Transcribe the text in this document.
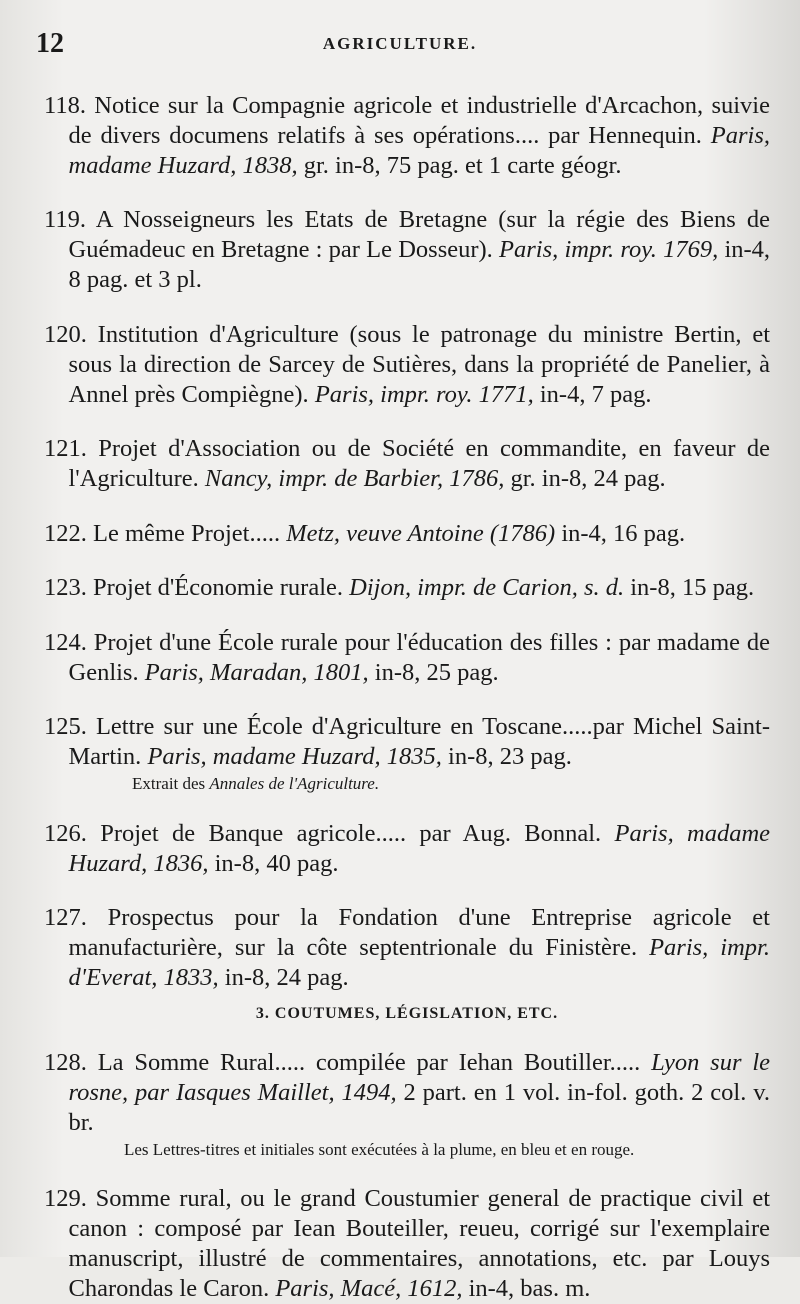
12	AGRICULTURE.

118. Notice sur la Compagnie agricole et industrielle d'Arcachon, suivie de divers documens relatifs à ses opérations.... par Hennequin. Paris, madame Huzard, 1838, gr. in-8, 75 pag. et 1 carte géogr.

119. A Nosseigneurs les Etats de Bretagne (sur la régie des Biens de Guémadeuc en Bretagne : par Le Dosseur). Paris, impr. roy. 1769, in-4, 8 pag. et 3 pl.

120. Institution d'Agriculture (sous le patronage du ministre Bertin, et sous la direction de Sarcey de Sutières, dans la propriété de Panelier, à Annel près Compiègne). Paris, impr. roy. 1771, in-4, 7 pag.

121. Projet d'Association ou de Société en commandite, en faveur de l'Agriculture. Nancy, impr. de Barbier, 1786, gr. in-8, 24 pag.

122. Le même Projet..... Metz, veuve Antoine (1786) in-4, 16 pag.

123. Projet d'Économie rurale. Dijon, impr. de Carion, s. d. in-8, 15 pag.

124. Projet d'une École rurale pour l'éducation des filles : par madame de Genlis. Paris, Maradan, 1801, in-8, 25 pag.

125. Lettre sur une École d'Agriculture en Toscane.....par Michel Saint-Martin. Paris, madame Huzard, 1835, in-8, 23 pag.

Extrait des Annales de l'Agriculture.

126. Projet de Banque agricole..... par Aug. Bonnal. Paris, madame Huzard, 1836, in-8, 40 pag.

127. Prospectus pour la Fondation d'une Entreprise agricole et manufacturière, sur la côte septentrionale du Finistère. Paris, impr. d'Everat, 1833, in-8, 24 pag.

3. COUTUMES, LÉGISLATION, ETC.

128. La Somme Rural..... compilée par Iehan Boutiller..... Lyon sur le rosne, par Iasques Maillet, 1494, 2 part. en 1 vol. in-fol. goth. 2 col. v. br.

Les Lettres-titres et initiales sont exécutées à la plume, en bleu et en rouge.

129. Somme rural, ou le grand Coustumier general de practique civil et canon : composé par Iean Bouteiller, reueu, corrigé sur l'exemplaire manuscript, illustré de commentaires, annotations, etc. par Louys Charondas le Caron. Paris, Macé, 1612, in-4, bas. m.
